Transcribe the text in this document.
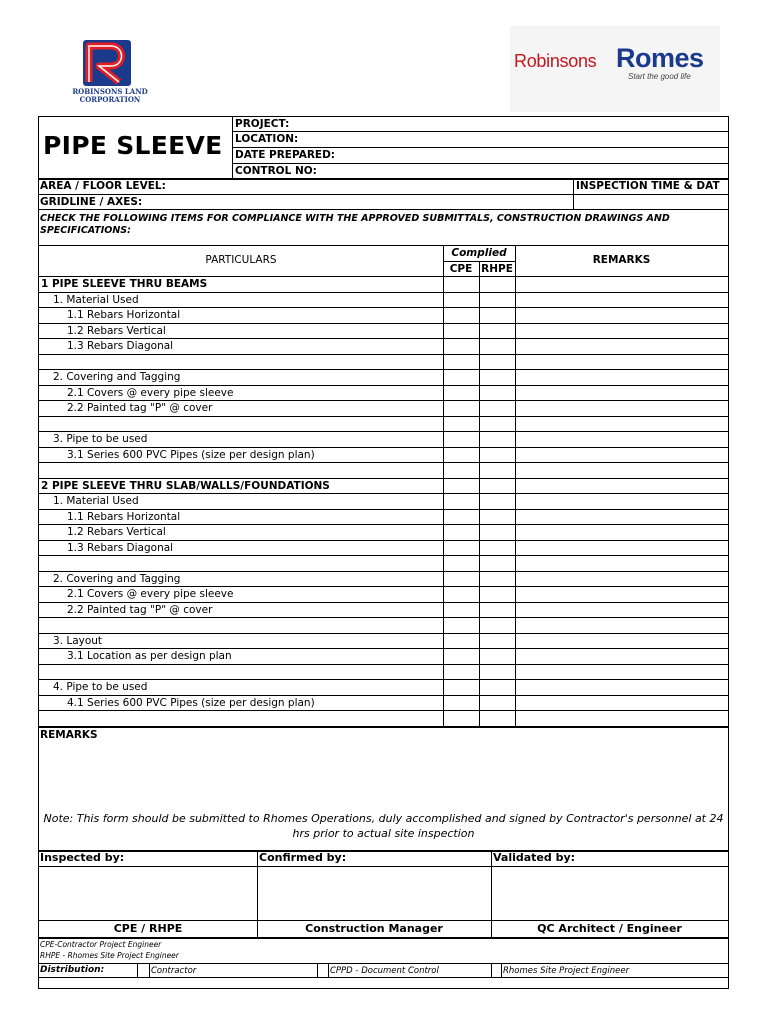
ROBINSONS LAND
CORPORATION
Robinsons Romes
Start the good life
PIPE SLEEVE
PROJECT:
LOCATION:
DATE PREPARED:
CONTROL NO:
AREA / FLOOR LEVEL:	INSPECTION TIME & DAT
GRIDLINE / AXES:
CHECK THE FOLLOWING ITEMS FOR COMPLIANCE WITH THE APPROVED SUBMITTALS, CONSTRUCTION DRAWINGS AND SPECIFICATIONS:
PARTICULARS
Complied
CPE RHPE
REMARKS
1 PIPE SLEEVE THRU BEAMS
1. Material Used
1.1 Rebars Horizontal
1.2 Rebars Vertical
1.3 Rebars Diagonal
2. Covering and Tagging
2.1 Covers @ every pipe sleeve
2.2 Painted tag "P" @ cover
3. Pipe to be used
3.1 Series 600 PVC Pipes (size per design plan)
2 PIPE SLEEVE THRU SLAB/WALLS/FOUNDATIONS
1. Material Used
1.1 Rebars Horizontal
1.2 Rebars Vertical
1.3 Rebars Diagonal
2. Covering and Tagging
2.1 Covers @ every pipe sleeve
2.2 Painted tag "P" @ cover
3. Layout
3.1 Location as per design plan
4. Pipe to be used
4.1 Series 600 PVC Pipes (size per design plan)
REMARKS
Note: This form should be submitted to Rhomes Operations, duly accomplished and signed by Contractor's personnel at 24 hrs prior to actual site inspection
Inspected by:	Confirmed by:	Validated by:
CPE / RHPE	Construction Manager	QC Architect / Engineer
CPE-Contractor Project Engineer
RHPE - Rhomes Site Project Engineer
Distribution:	Contractor	CPPD - Document Control	Rhomes Site Project Engineer
